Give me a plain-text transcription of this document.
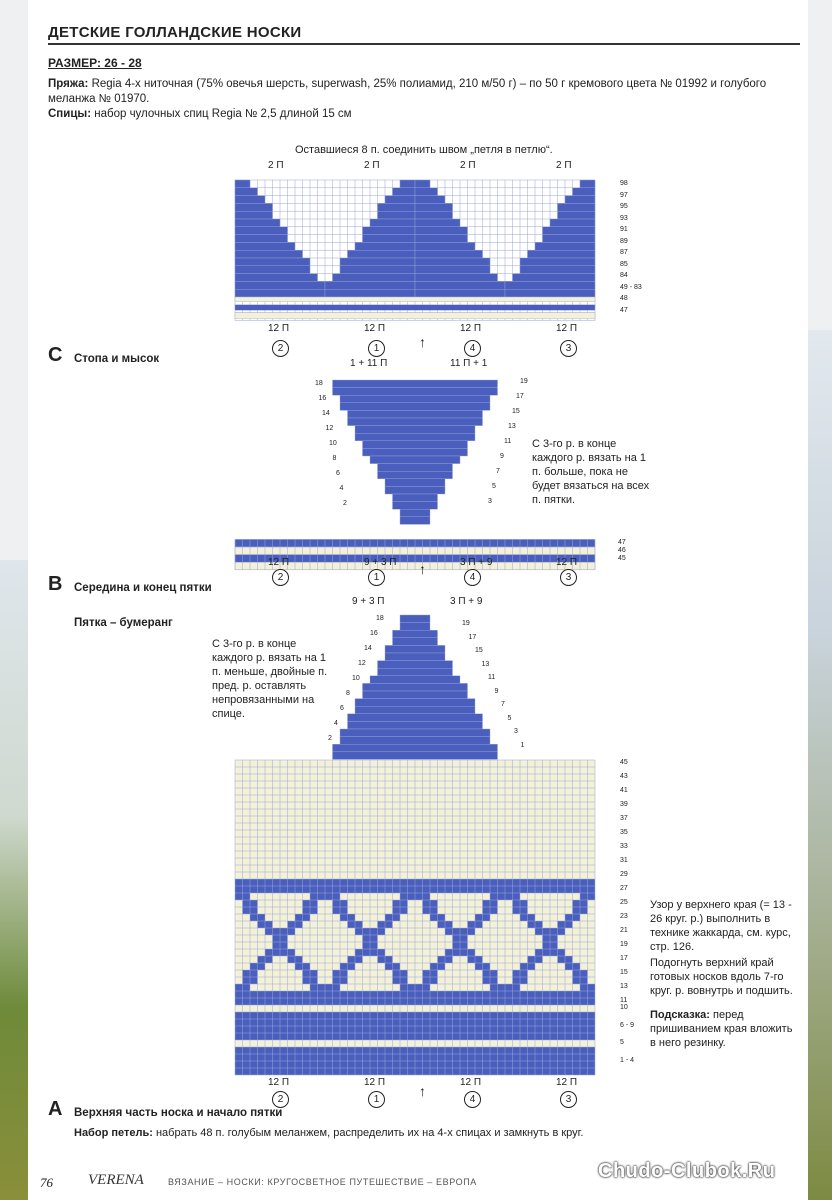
ДЕТСКИЕ ГОЛЛАНДСКИЕ НОСКИ
РАЗМЕР: 26 - 28
Пряжа: Regia 4-х ниточная (75% овечья шерсть, superwash, 25% полиамид, 210 м/50 г) – по 50 г кремового цвета № 01992 и голубого меланжа № 01970.
Спицы: набор чулочных спиц Regia № 2,5 длиной 15 см
Оставшиеся 8 п. соединить швом „петля в петлю“.
98
97
95
93
91
89
87
85
84
49 - 83
48
47
2 П	2 П	2 П	2 П
12 П	12 П	12 П	12 П
2	1	4	3
↑
C Стопа и мысок
47
46
45
18
16
14
12
10
8
6
4
2
19
17
15
13
11
9
7
5
3
1 + 11 П	11 П + 1
12 П	9 + 3 П	3 П + 9	12 П
2	1	4	3
↑
С 3-го р. в конце каждого р. вязать на 1 п. больше, пока не будет вязаться на всех п. пятки.
B Середина и конец пятки
Пятка – бумеранг
С 3-го р. в конце каждого р. вязать на 1 п. меньше, двойные п. пред. р. оставлять непровязанными на спице.
9 + 3 П	3 П + 9
18
16
14
12
10
8
6
4
2
19
17
15
13
11
9
7
5
3
1
45
43
41
39
37
35
33
31
29
27
25
23
21
19
17
15
13
11
10
6 - 9
5
1 - 4
12 П	12 П	12 П	12 П
2	1	4	3
↑
Узор у верхнего края (= 13 - 26 круг. р.) выполнить в технике жаккарда, см. курс, стр. 126.
Подогнуть верхний край готовых носков вдоль 7-го круг. р. вовнутрь и подшить.
Подсказка: перед пришиванием края вложить в него резинку.
A Верхняя часть носка и начало пятки
Набор петель: набрать 48 п. голубым меланжем, распределить их на 4-х спицах и замкнуть в круг.
76 VERENA	ВЯЗАНИЕ – НОСКИ: КРУГОСВЕТНОЕ ПУТЕШЕСТВИЕ – ЕВРОПА	Chudo-Clubok.Ru
